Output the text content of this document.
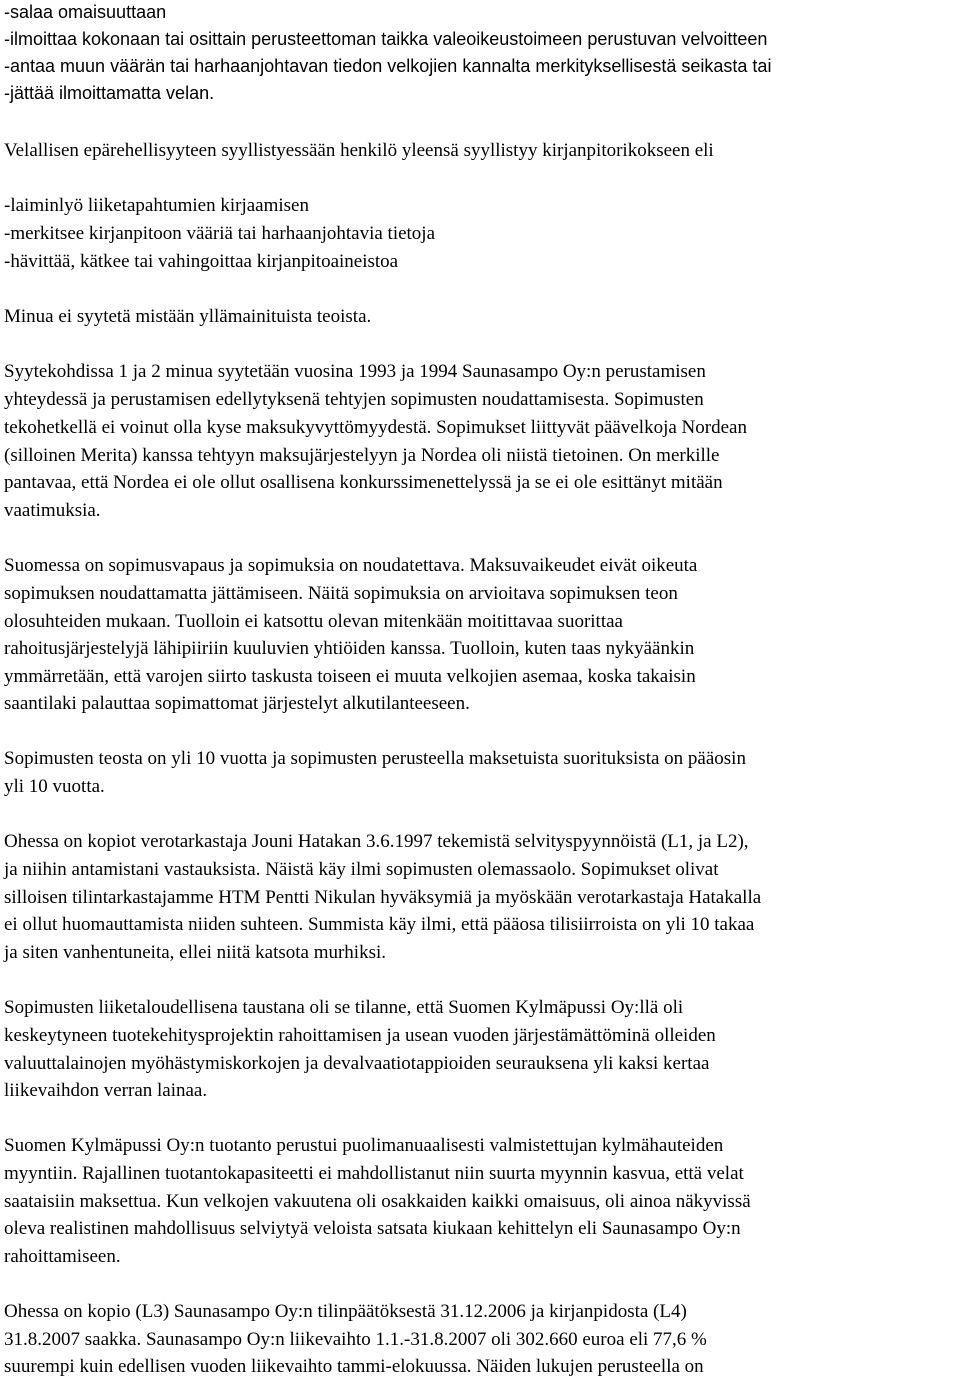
-salaa omaisuuttaan
-ilmoittaa kokonaan tai osittain perusteettoman taikka valeoikeustoimeen perustuvan velvoitteen
-antaa muun väärän tai harhaanjohtavan tiedon velkojien kannalta merkityksellisestä seikasta tai
-jättää ilmoittamatta velan.
Velallisen epärehellisyyteen syyllistyessään henkilö yleensä syyllistyy kirjanpitorikokseen eli
-laiminlyö liiketapahtumien kirjaamisen
-merkitsee kirjanpitoon vääriä tai harhaanjohtavia tietoja
-hävittää, kätkee tai vahingoittaa kirjanpitoaineistoa
Minua ei syytetä mistään yllämainituista teoista.
Syytekohdissa 1 ja 2 minua syytetään vuosina 1993 ja 1994 Saunasampo Oy:n perustamisen
yhteydessä ja perustamisen edellytyksenä tehtyjen sopimusten noudattamisesta. Sopimusten
tekohetkellä ei voinut olla kyse maksukyvyttömyydestä. Sopimukset liittyvät päävelkoja Nordean
(silloinen Merita) kanssa tehtyyn maksujärjestelyyn ja Nordea oli niistä tietoinen. On merkille
pantavaa, että Nordea ei ole ollut osallisena konkurssimenettelyssä ja se ei ole esittänyt mitään
vaatimuksia.
Suomessa on sopimusvapaus ja sopimuksia on noudatettava. Maksuvaikeudet eivät oikeuta
sopimuksen noudattamatta jättämiseen. Näitä sopimuksia on arvioitava sopimuksen teon
olosuhteiden mukaan. Tuolloin ei katsottu olevan mitenkään moitittavaa suorittaa
rahoitusjärjestelyjä lähipiiriin kuuluvien yhtiöiden kanssa. Tuolloin, kuten taas nykyäänkin
ymmärretään, että varojen siirto taskusta toiseen ei muuta velkojien asemaa, koska takaisin
saantilaki palauttaa sopimattomat järjestelyt alkutilanteeseen.
Sopimusten teosta on yli 10 vuotta ja sopimusten perusteella maksetuista suorituksista on pääosin
yli 10 vuotta.
Ohessa on kopiot verotarkastaja Jouni Hatakan 3.6.1997 tekemistä selvityspyynnöistä (L1, ja L2),
ja niihin antamistani vastauksista. Näistä käy ilmi sopimusten olemassaolo. Sopimukset olivat
silloisen tilintarkastajamme HTM Pentti Nikulan hyväksymiä ja myöskään verotarkastaja Hatakalla
ei ollut huomauttamista niiden suhteen. Summista käy ilmi, että pääosa tilisiirroista on yli 10 takaa
ja siten vanhentuneita, ellei niitä katsota murhiksi.
Sopimusten liiketaloudellisena taustana oli se tilanne, että Suomen Kylmäpussi Oy:llä oli
keskeytyneen tuotekehitysprojektin rahoittamisen ja usean vuoden järjestämättöminä olleiden
valuuttalainojen myöhästymiskorkojen ja devalvaatiotappioiden seurauksena yli kaksi kertaa
liikevaihdon verran lainaa.
Suomen Kylmäpussi Oy:n tuotanto perustui puolimanuaalisesti valmistettujan kylmähauteiden
myyntiin. Rajallinen tuotantokapasiteetti ei mahdollistanut niin suurta myynnin kasvua, että velat
saataisiin maksettua. Kun velkojen vakuutena oli osakkaiden kaikki omaisuus, oli ainoa näkyvissä
oleva realistinen mahdollisuus selviytyä veloista satsata kiukaan kehittelyn eli Saunasampo Oy:n
rahoittamiseen.
Ohessa on kopio (L3) Saunasampo Oy:n tilinpäätöksestä 31.12.2006 ja kirjanpidosta (L4)
31.8.2007 saakka. Saunasampo Oy:n liikevaihto 1.1.-31.8.2007 oli 302.660 euroa eli 77,6 %
suurempi kuin edellisen vuoden liikevaihto tammi-elokuussa. Näiden lukujen perusteella on
